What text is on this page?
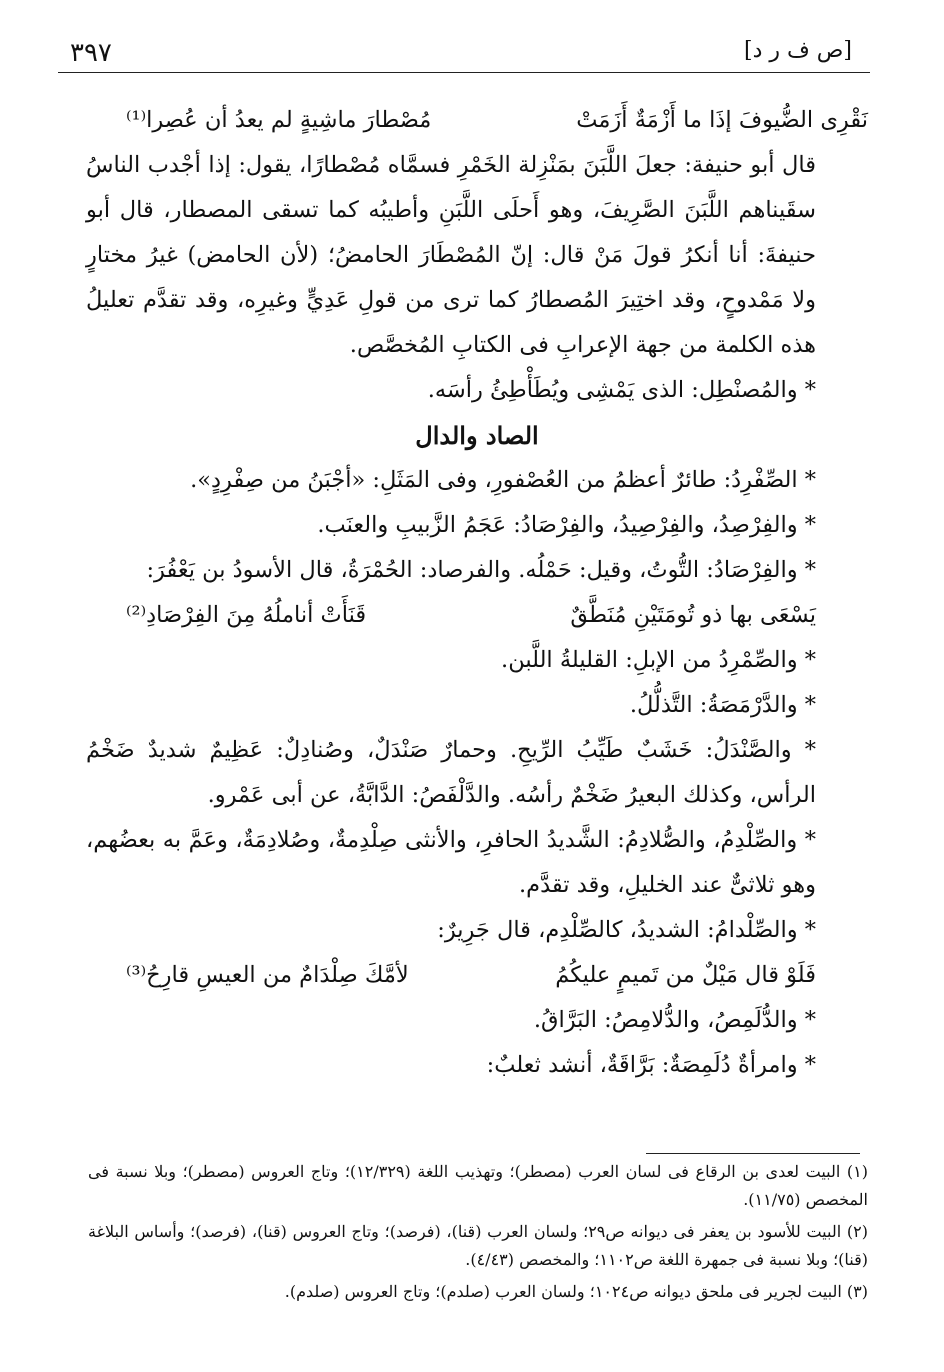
٣٩٧	[ص ف ر د]
نَقْرِى الضُّيوفَ إذَا ما أَزْمَةٌ أَزَمَتْ
مُصْطارَ ماشِيةٍ لم يعدُ أن عُصِرا⁽¹⁾

قال أبو حنيفة: جعلَ اللَّبَنَ بمَنْزِلة الخَمْرِ فسمَّاه مُصْطارًا، يقول: إذا أجْدب الناسُ سقَيناهم اللَّبَنَ الصَّرِيفَ، وهو أَحلَى اللَّبَنِ وأطيبُه كما تسقى المصطار، قال أبو حنيفةَ: أنا أنكرُ قولَ مَنْ قال: إنّ المُصْطَارَ الحامضُ؛ (لأن الحامض) غيرُ مختارٍ ولا مَمْدوحٍ، وقد اختِيرَ المُصطارُ كما ترى من قولِ عَدِيٍّ وغيرِه، وقد تقدَّم تعليلُ هذه الكلمة من جهة الإعرابِ فى الكتابِ المُخصَّص.

* والمُصنْطِل: الذى يَمْشِى ويُطَأْطِئُ رأسَه.

الصاد والدال

* الصِّفْرِدُ: طائرٌ أعظمُ من العُصْفورِ، وفى المَثَلِ: «أجْبَنُ من صِفْرِدٍ».

* والفِرْصِدُ، والفِرْصِيدُ، والفِرْصَادُ: عَجَمُ الزَّبيبِ والعنَب.

* والفِرْصَادُ: التُّوتُ، وقيل: حَمْلُه. والفرصاد: الحُمْرَةُ، قال الأسودُ بن يَعْفُرَ:

يَسْعَى بها ذو تُومَتَيْنِ مُنَطَّقٌ
قَنَأَتْ أناملُهُ مِنَ الفِرْصَادِ⁽²⁾

* والصِّمْرِدُ من الإبلِ: القليلةُ اللَّبن.

* والدَّرْمَصَةُ: التَّذلُّلُ.

* والصَّنْدَلُ: خَشَبٌ طَيِّبُ الرِّيحِ. وحمارٌ صَنْدَلٌ، وصُنادِلٌ: عَظِيمٌ شديدٌ ضَخْمُ الرأس، وكذلك البعيرُ ضَخْمٌ رأسُه. والدَّلْفَصُ: الدَّابَّةُ، عن أبى عَمْرو.

* والصِّلْدِمُ، والصُّلادِمُ: الشَّديدُ الحافرِ، والأنثى صِلْدِمةٌ، وصُلادِمَةٌ، وعَمَّ به بعضُهم، وهو ثلاثىٌّ عند الخليلِ، وقد تقدَّم.

* والصِّلْدامُ: الشديدُ، كالصِّلْدِم، قال جَرِيرٌ:

فَلَوْ قال مَيْلٌ من تَميمٍ عليكُمُ
لأمَّكَ صِلْدَامٌ من العيسِ قارِحُ⁽³⁾

* والدُّلَمِصُ، والدُّلامِصُ: البَرَّاقُ.

* وامرأةٌ دُلَمِصَةٌ: بَرَّاقَةٌ، أنشد ثعلبٌ:

(١) البيت لعدى بن الرقاع فى لسان العرب (مصطر)؛ وتهذيب اللغة (١٢/٣٢٩)؛ وتاج العروس (مصطر)؛ وبلا نسبة فى المخصص (١١/٧٥).

(٢) البيت للأسود بن يعفر فى ديوانه ص٢٩؛ ولسان العرب (قنا)، (فرصد)؛ وتاج العروس (قنا)، (فرصد)؛ وأساس البلاغة (قنا)؛ وبلا نسبة فى جمهرة اللغة ص١١٠٢؛ والمخصص (٤/٤٣).

(٣) البيت لجرير فى ملحق ديوانه ص١٠٢٤؛ ولسان العرب (صلدم)؛ وتاج العروس (صلدم).
